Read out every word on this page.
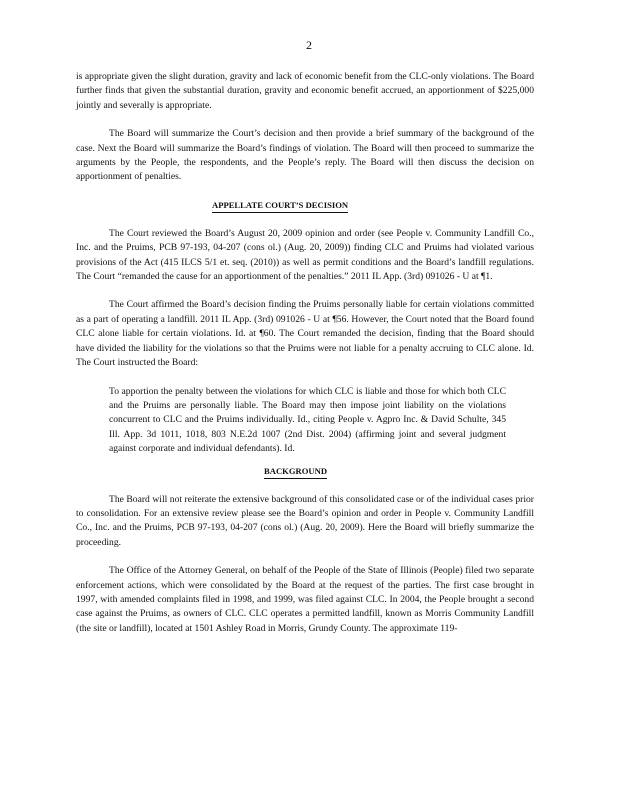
2

is appropriate given the slight duration, gravity and lack of economic benefit from the CLC-only violations. The Board further finds that given the substantial duration, gravity and economic benefit accrued, an apportionment of $225,000 jointly and severally is appropriate.

The Board will summarize the Court’s decision and then provide a brief summary of the background of the case. Next the Board will summarize the Board’s findings of violation. The Board will then proceed to summarize the arguments by the People, the respondents, and the People’s reply. The Board will then discuss the decision on apportionment of penalties.

APPELLATE COURT’S DECISION

The Court reviewed the Board’s August 20, 2009 opinion and order (see People v. Community Landfill Co., Inc. and the Pruims, PCB 97-193, 04-207 (cons ol.) (Aug. 20, 2009)) finding CLC and Pruims had violated various provisions of the Act (415 ILCS 5/1 et. seq. (2010)) as well as permit conditions and the Board’s landfill regulations. The Court “remanded the cause for an apportionment of the penalties.” 2011 IL App. (3rd) 091026 - U at ¶1.

The Court affirmed the Board’s decision finding the Pruims personally liable for certain violations committed as a part of operating a landfill. 2011 IL App. (3rd) 091026 - U at ¶56. However, the Court noted that the Board found CLC alone liable for certain violations. Id. at ¶60. The Court remanded the decision, finding that the Board should have divided the liability for the violations so that the Pruims were not liable for a penalty accruing to CLC alone. Id. The Court instructed the Board:

To apportion the penalty between the violations for which CLC is liable and those for which both CLC and the Pruims are personally liable. The Board may then impose joint liability on the violations concurrent to CLC and the Pruims individually. Id., citing People v. Agpro Inc. & David Schulte, 345 Ill. App. 3d 1011, 1018, 803 N.E.2d 1007 (2nd Dist. 2004) (affirming joint and several judgment against corporate and individual defendants). Id.

BACKGROUND

The Board will not reiterate the extensive background of this consolidated case or of the individual cases prior to consolidation. For an extensive review please see the Board’s opinion and order in People v. Community Landfill Co., Inc. and the Pruims, PCB 97-193, 04-207 (cons ol.) (Aug. 20, 2009). Here the Board will briefly summarize the proceeding.

The Office of the Attorney General, on behalf of the People of the State of Illinois (People) filed two separate enforcement actions, which were consolidated by the Board at the request of the parties. The first case brought in 1997, with amended complaints filed in 1998, and 1999, was filed against CLC. In 2004, the People brought a second case against the Pruims, as owners of CLC. CLC operates a permitted landfill, known as Morris Community Landfill (the site or landfill), located at 1501 Ashley Road in Morris, Grundy County. The approximate 119-
